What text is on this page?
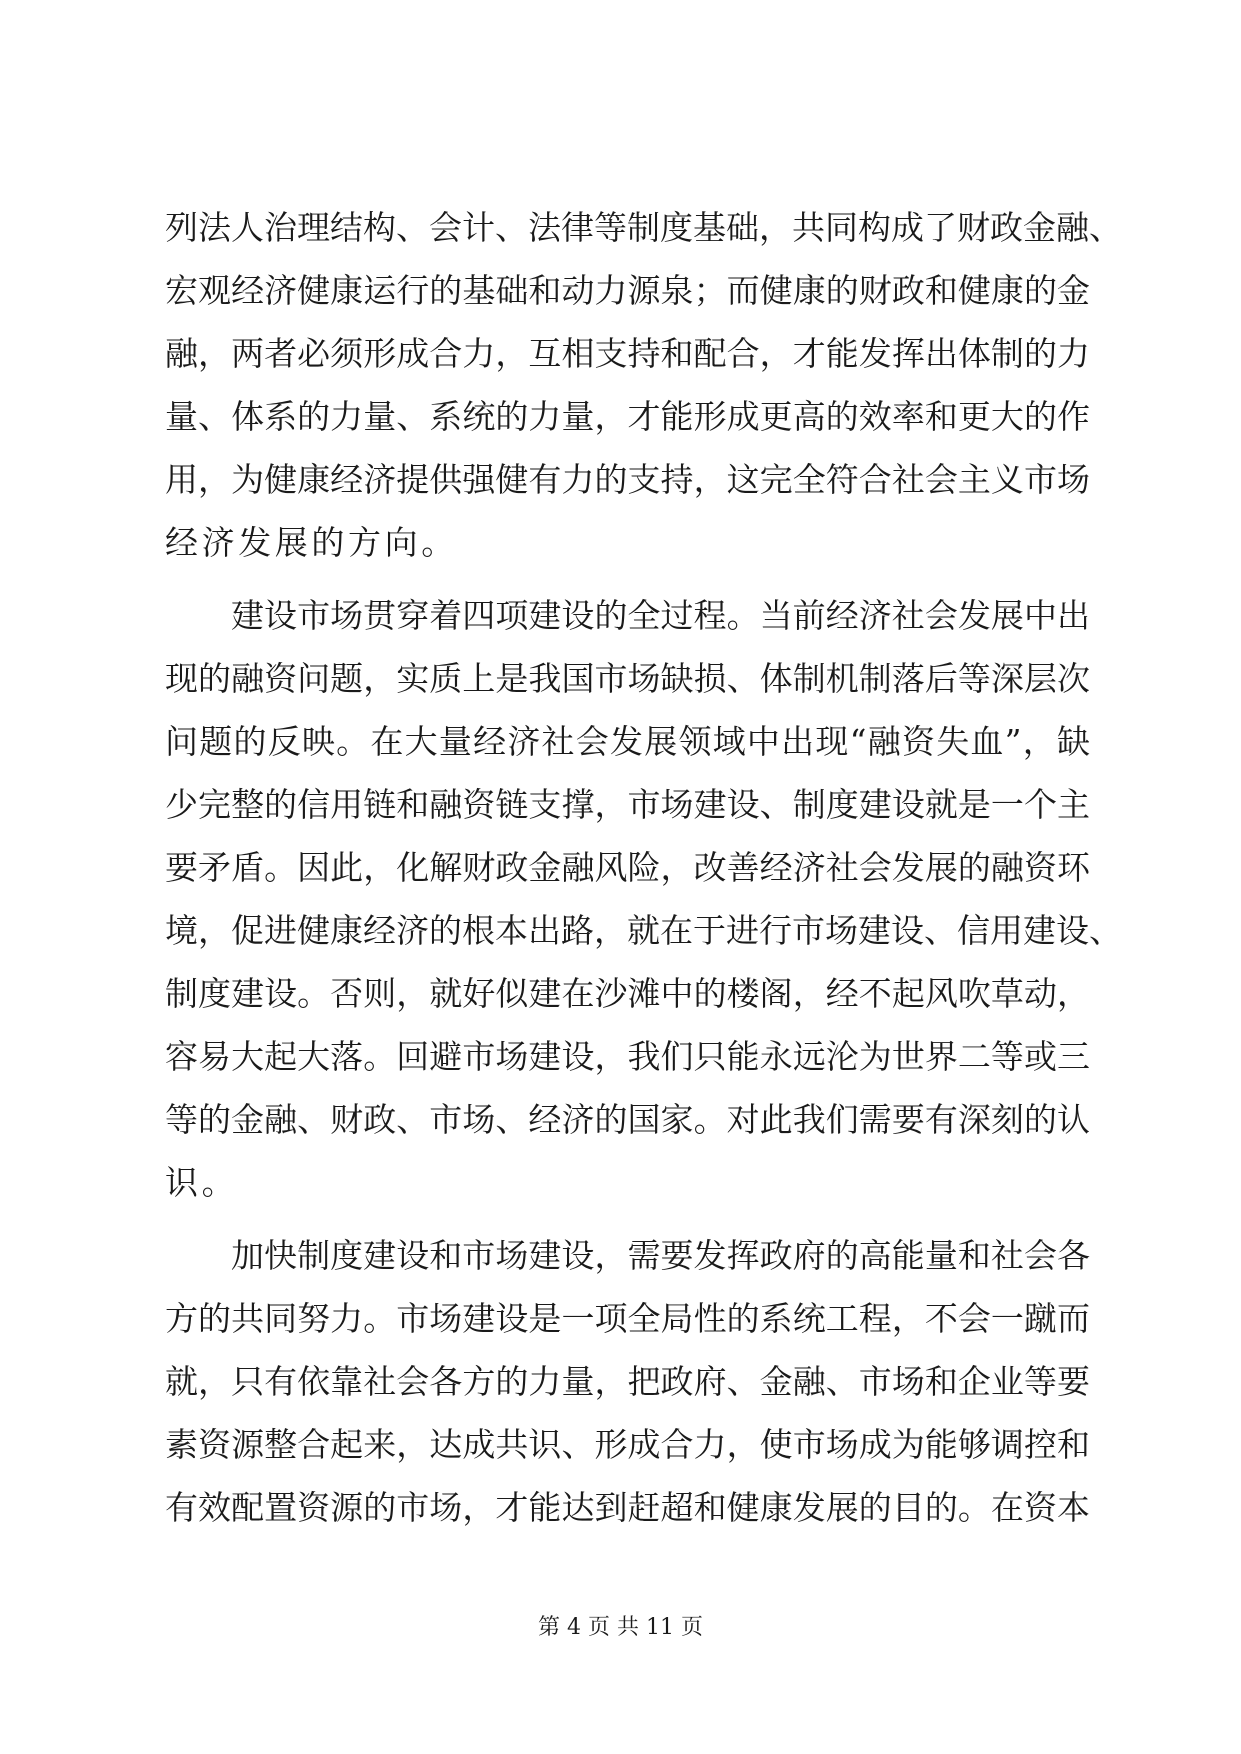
列法人治理结构、会计、法律等制度基础，共同构成了财政金融、
宏观经济健康运行的基础和动力源泉；而健康的财政和健康的金
融，两者必须形成合力，互相支持和配合，才能发挥出体制的力
量、体系的力量、系统的力量，才能形成更高的效率和更大的作
用，为健康经济提供强健有力的支持，这完全符合社会主义市场
经济发展的方向。
建设市场贯穿着四项建设的全过程。当前经济社会发展中出
现的融资问题，实质上是我国市场缺损、体制机制落后等深层次
问题的反映。在大量经济社会发展领域中出现“融资失血”，缺
少完整的信用链和融资链支撑，市场建设、制度建设就是一个主
要矛盾。因此，化解财政金融风险，改善经济社会发展的融资环
境，促进健康经济的根本出路，就在于进行市场建设、信用建设、
制度建设。否则，就好似建在沙滩中的楼阁，经不起风吹草动，
容易大起大落。回避市场建设，我们只能永远沦为世界二等或三
等的金融、财政、市场、经济的国家。对此我们需要有深刻的认
识。
加快制度建设和市场建设，需要发挥政府的高能量和社会各
方的共同努力。市场建设是一项全局性的系统工程，不会一蹴而
就，只有依靠社会各方的力量，把政府、金融、市场和企业等要
素资源整合起来，达成共识、形成合力，使市场成为能够调控和
有效配置资源的市场，才能达到赶超和健康发展的目的。在资本
第 4 页 共 11 页
